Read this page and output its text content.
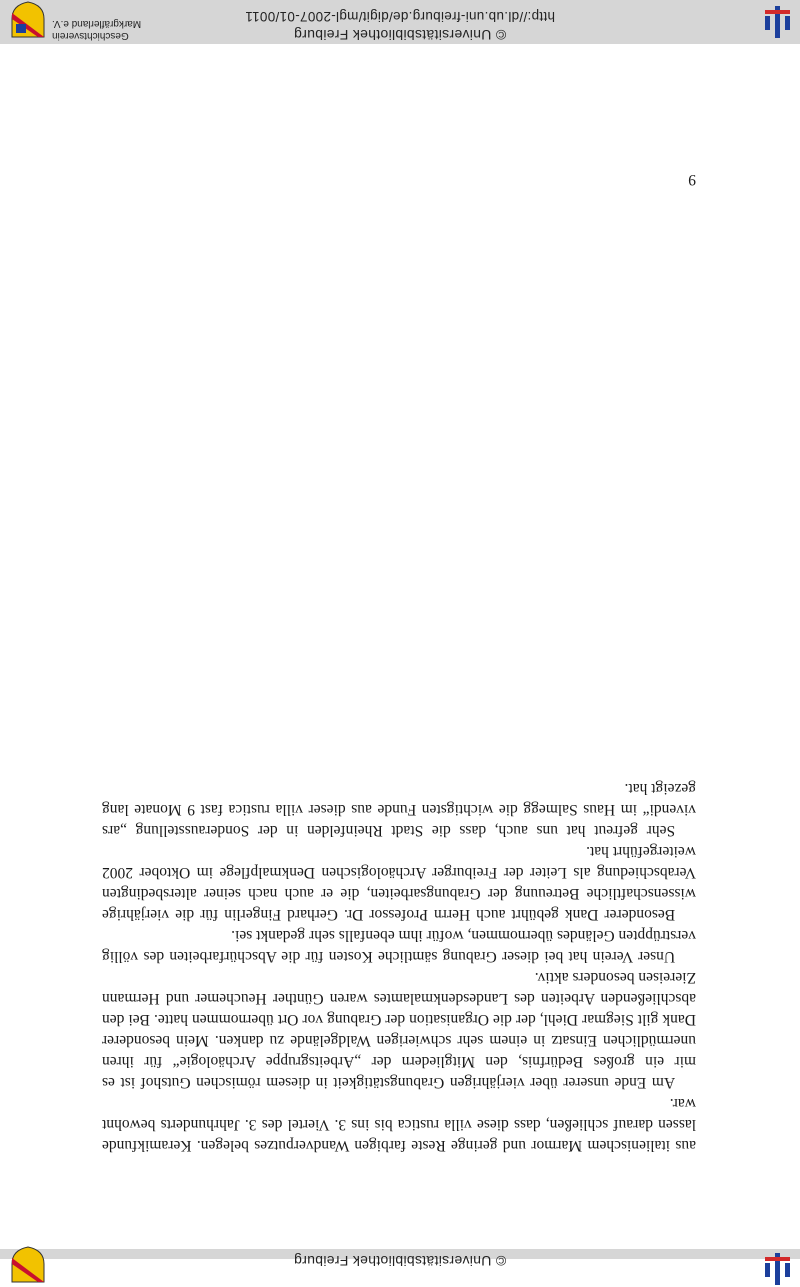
© Universitätsbibliothek Freiburg

aus italienischem Marmor und geringe Reste farbigen Wandverputzes belegen. Keramikfunde lassen darauf schließen, dass diese villa rustica bis ins 3. Viertel des 3. Jahrhunderts bewohnt war.

Am Ende unserer über vierjährigen Grabungstätigkeit in diesem römischen Gutshof ist es mir ein großes Bedürfnis, den Mitgliedern der „Arbeitsgruppe Archäologie“ für ihren unermüdlichen Einsatz in einem sehr schwierigen Waldgelände zu danken. Mein besonderer Dank gilt Siegmar Diehl, der die Organisation der Grabung vor Ort übernommen hatte. Bei den abschließenden Arbeiten des Landesdenkmalamtes waren Günther Heuchemer und Hermann Ziereisen besonders aktiv.

Unser Verein hat bei dieser Grabung sämtliche Kosten für die Abschürfarbeiten des völlig verstrüppten Geländes übernommen, wofür ihm ebenfalls sehr gedankt sei.

Besonderer Dank gebührt auch Herrn Professor Dr. Gerhard Fingerlin für die vierjährige wissenschaftliche Betreuung der Grabungsarbeiten, die er auch nach seiner altersbedingten Verabschiedung als Leiter der Freiburger Archäologischen Denkmalpflege im Oktober 2002 weitergeführt hat.

Sehr gefreut hat uns auch, dass die Stadt Rheinfelden in der Sonderausstellung „ars vivendi“ im Haus Salmegg die wichtigsten Funde aus dieser villa rustica fast 9 Monate lang gezeigt hat.

9
© Universitätsbibliothek Freiburg
http://dl.ub.uni-freiburg.de/digit/mgl-2007-01/0011
Geschichtsverein
Markgräflerland e.V.
